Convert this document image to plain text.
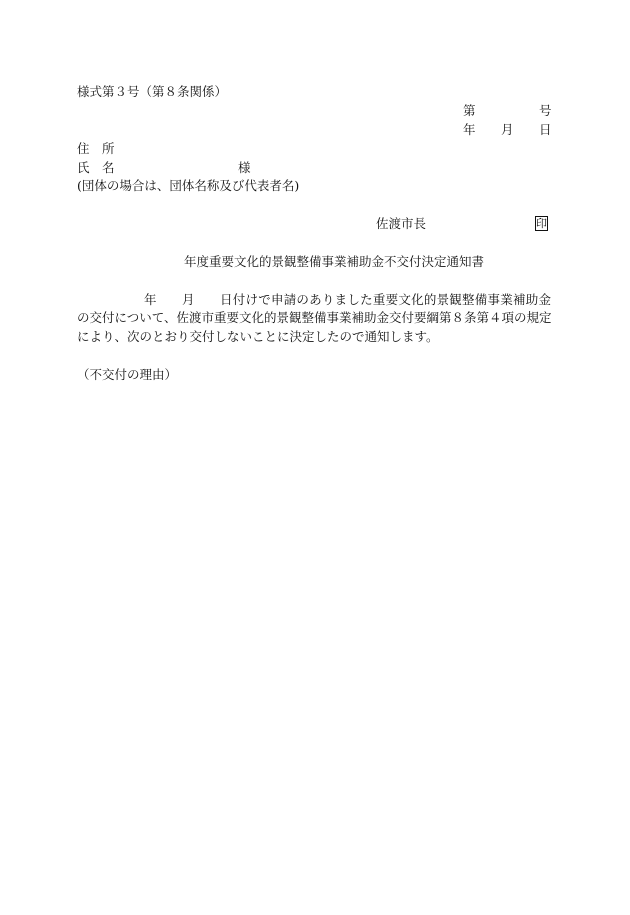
様式第３号（第８条関係）
第	号
年 月 日
住　所
氏　名	様
(団体の場合は、団体名称及び代表者名)
佐渡市長	印
年度重要文化的景観整備事業補助金不交付決定通知書
年 月 日付けで申請のありました重要文化的景観整備事業補助金
の交付について、佐渡市重要文化的景観整備事業補助金交付要綱第８条第４項の規定
により、次のとおり交付しないことに決定したので通知します。
（不交付の理由）
